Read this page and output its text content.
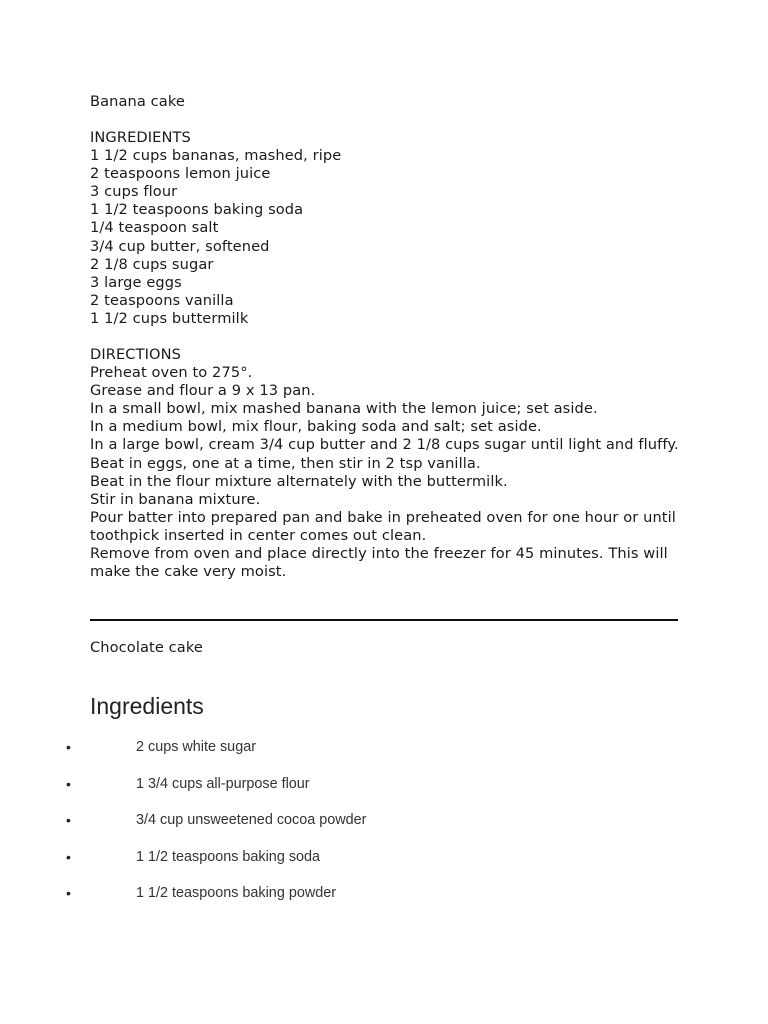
Banana cake

INGREDIENTS

1 1/2 cups bananas, mashed, ripe

2 teaspoons lemon juice

3 cups flour

1 1/2 teaspoons baking soda

1/4 teaspoon salt

3/4 cup butter, softened

2 1/8 cups sugar

3 large eggs

2 teaspoons vanilla

1 1/2 cups buttermilk

DIRECTIONS

Preheat oven to 275°.

Grease and flour a 9 x 13 pan.

In a small bowl, mix mashed banana with the lemon juice; set aside.

In a medium bowl, mix flour, baking soda and salt; set aside.

In a large bowl, cream 3/4 cup butter and 2 1/8 cups sugar until light and fluffy.

Beat in eggs, one at a time, then stir in 2 tsp vanilla.

Beat in the flour mixture alternately with the buttermilk.

Stir in banana mixture.

Pour batter into prepared pan and bake in preheated oven for one hour or until toothpick inserted in center comes out clean.

Remove from oven and place directly into the freezer for 45 minutes. This will make the cake very moist.

Chocolate cake

Ingredients
•	2 cups white sugar
•	1 3/4 cups all-purpose flour
•	3/4 cup unsweetened cocoa powder
•	1 1/2 teaspoons baking soda
•	1 1/2 teaspoons baking powder
